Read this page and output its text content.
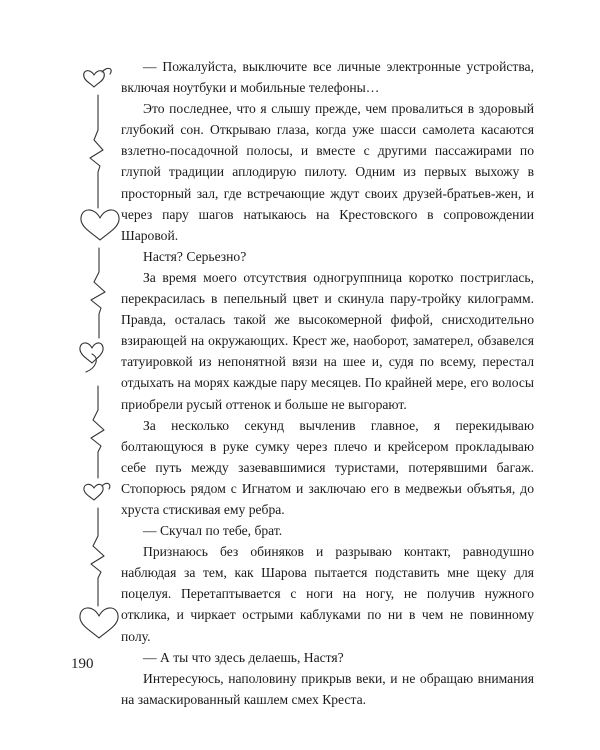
— Пожалуйста, выключите все личные электронные устройства, включая ноутбуки и мобильные телефоны…

Это последнее, что я слышу прежде, чем провалиться в здоровый глубокий сон. Открываю глаза, когда уже шасси самолета касаются взлетно-посадочной полосы, и вместе с другими пассажирами по глупой традиции аплодирую пилоту. Одним из первых выхожу в просторный зал, где встречающие ждут своих друзей-братьев-жен, и через пару шагов натыкаюсь на Крестовского в сопровождении Шаровой.

Настя? Серьезно?

За время моего отсутствия одногруппница коротко постриглась, перекрасилась в пепельный цвет и скинула пару-тройку килограмм. Правда, осталась такой же высокомерной фифой, снисходительно взирающей на окружающих. Крест же, наоборот, заматерел, обзавелся татуировкой из непонятной вязи на шее и, судя по всему, перестал отдыхать на морях каждые пару месяцев. По крайней мере, его волосы приобрели русый оттенок и больше не выгорают.

За несколько секунд вычленив главное, я перекидываю болтающуюся в руке сумку через плечо и крейсером прокладываю себе путь между зазевавшимися туристами, потерявшими багаж. Стопорюсь рядом с Игнатом и заключаю его в медвежьи объятья, до хруста стискивая ему ребра.

— Скучал по тебе, брат.

Признаюсь без обиняков и разрываю контакт, равнодушно наблюдая за тем, как Шарова пытается подставить мне щеку для поцелуя. Перетаптывается с ноги на ногу, не получив нужного отклика, и чиркает острыми каблуками по ни в чем не повинному полу.

— А ты что здесь делаешь, Настя?

Интересуюсь, наполовину прикрыв веки, и не обращаю внимания на замаскированный кашлем смех Креста.

190
